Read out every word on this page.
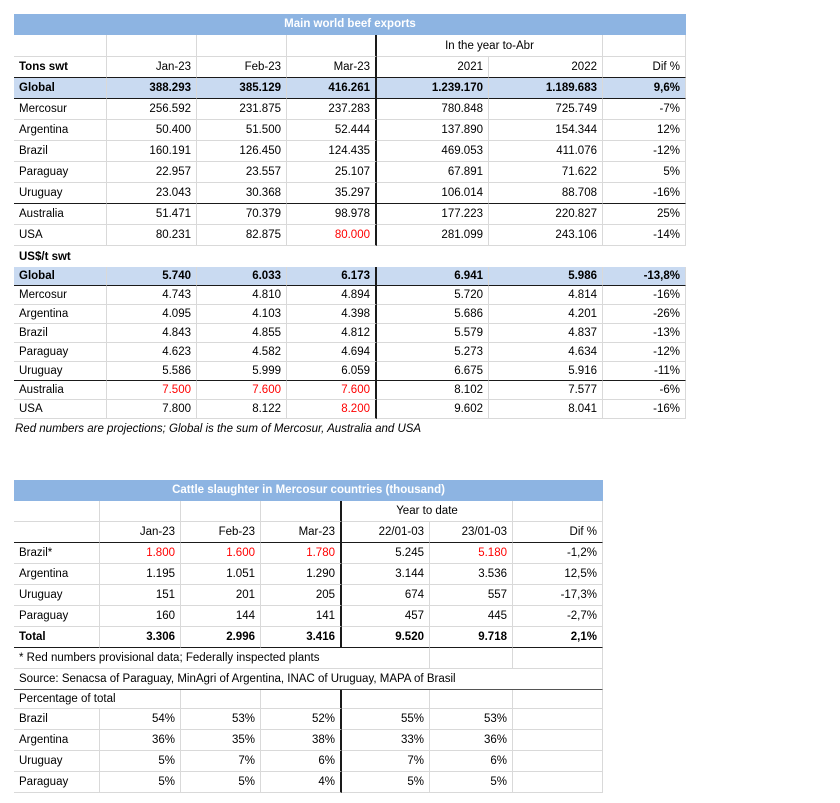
Main world beef exports
In the year to-Abr
Tons swt	Jan-23	Feb-23	Mar-23	2021	2022	Dif %
Global	388.293	385.129	416.261	1.239.170	1.189.683	9,6%
Mercosur	256.592	231.875	237.283	780.848	725.749	-7%
Argentina	50.400	51.500	52.444	137.890	154.344	12%
Brazil	160.191	126.450	124.435	469.053	411.076	-12%
Paraguay	22.957	23.557	25.107	67.891	71.622	5%
Uruguay	23.043	30.368	35.297	106.014	88.708	-16%
Australia	51.471	70.379	98.978	177.223	220.827	25%
USA	80.231	82.875	80.000	281.099	243.106	-14%
US$/t swt
Global	5.740	6.033	6.173	6.941	5.986	-13,8%
Mercosur	4.743	4.810	4.894	5.720	4.814	-16%
Argentina	4.095	4.103	4.398	5.686	4.201	-26%
Brazil	4.843	4.855	4.812	5.579	4.837	-13%
Paraguay	4.623	4.582	4.694	5.273	4.634	-12%
Uruguay	5.586	5.999	6.059	6.675	5.916	-11%
Australia	7.500	7.600	7.600	8.102	7.577	-6%
USA	7.800	8.122	8.200	9.602	8.041	-16%
Red numbers are projections; Global is the sum of Mercosur, Australia and USA
Cattle slaughter in Mercosur countries (thousand)
Year to date
Jan-23	Feb-23	Mar-23	22/01-03	23/01-03	Dif %
Brazil*	1.800	1.600	1.780	5.245	5.180	-1,2%
Argentina	1.195	1.051	1.290	3.144	3.536	12,5%
Uruguay	151	201	205	674	557	-17,3%
Paraguay	160	144	141	457	445	-2,7%
Total	3.306	2.996	3.416	9.520	9.718	2,1%
* Red numbers provisional data; Federally inspected plants
Source: Senacsa of Paraguay, MinAgri of Argentina, INAC of Uruguay, MAPA of Brasil
Percentage of total
Brazil	54%	53%	52%	55%	53%
Argentina	36%	35%	38%	33%	36%
Uruguay	5%	7%	6%	7%	6%
Paraguay	5%	5%	4%	5%	5%
